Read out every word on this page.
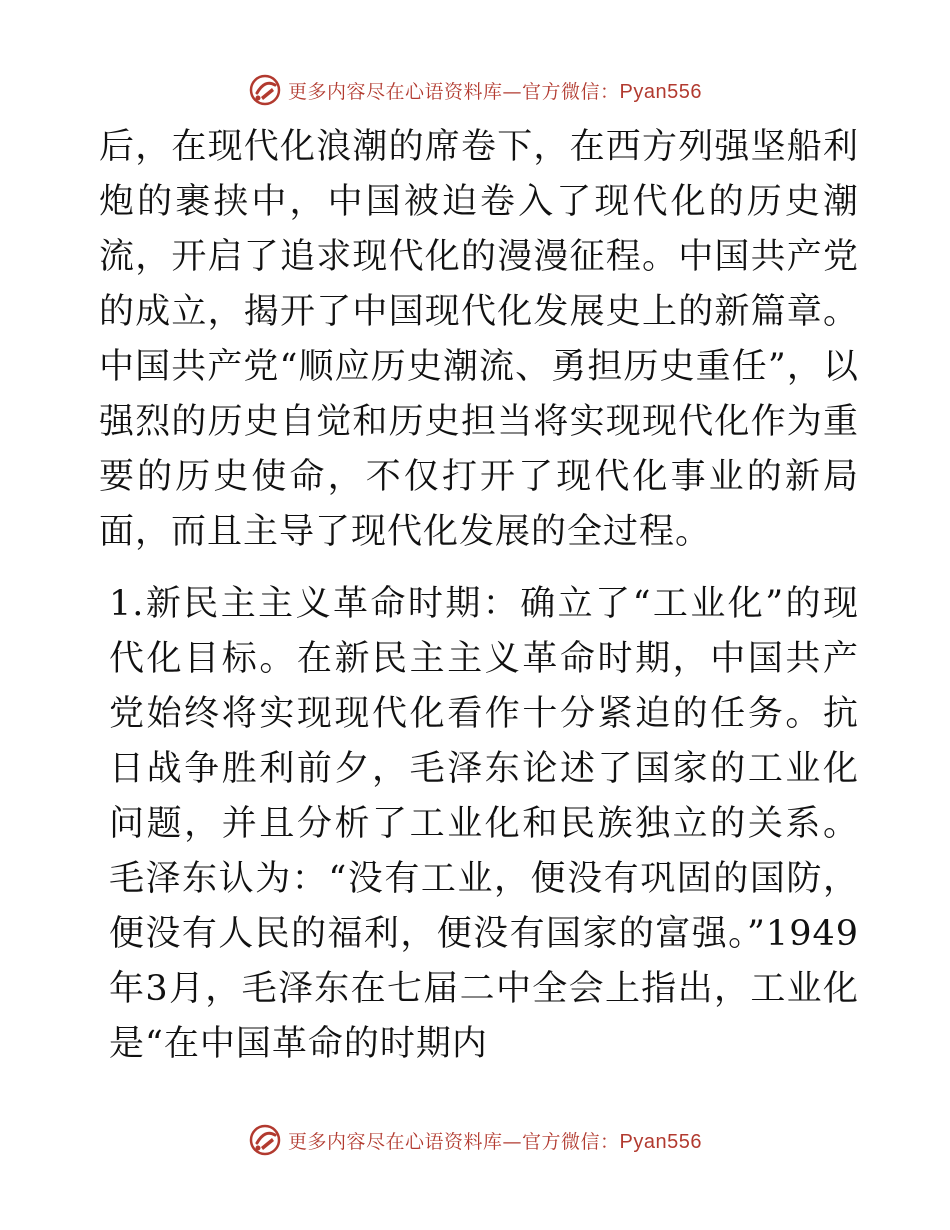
更多内容尽在心语资料库—官方微信：Pyan556

后，在现代化浪潮的席卷下，在西方列强坚船利炮的裹挟中，中国被迫卷入了现代化的历史潮流，开启了追求现代化的漫漫征程。中国共产党的成立，揭开了中国现代化发展史上的新篇章。中国共产党“顺应历史潮流、勇担历史重任”，以强烈的历史自觉和历史担当将实现现代化作为重要的历史使命，不仅打开了现代化事业的新局面，而且主导了现代化发展的全过程。

1.新民主主义革命时期：确立了“工业化”的现代化目标。在新民主主义革命时期，中国共产党始终将实现现代化看作十分紧迫的任务。抗日战争胜利前夕，毛泽东论述了国家的工业化问题，并且分析了工业化和民族独立的关系。毛泽东认为：“没有工业，便没有巩固的国防，便没有人民的福利，便没有国家的富强。”1949年3月，毛泽东在七届二中全会上指出，工业化是“在中国革命的时期内

更多内容尽在心语资料库—官方微信：Pyan556
